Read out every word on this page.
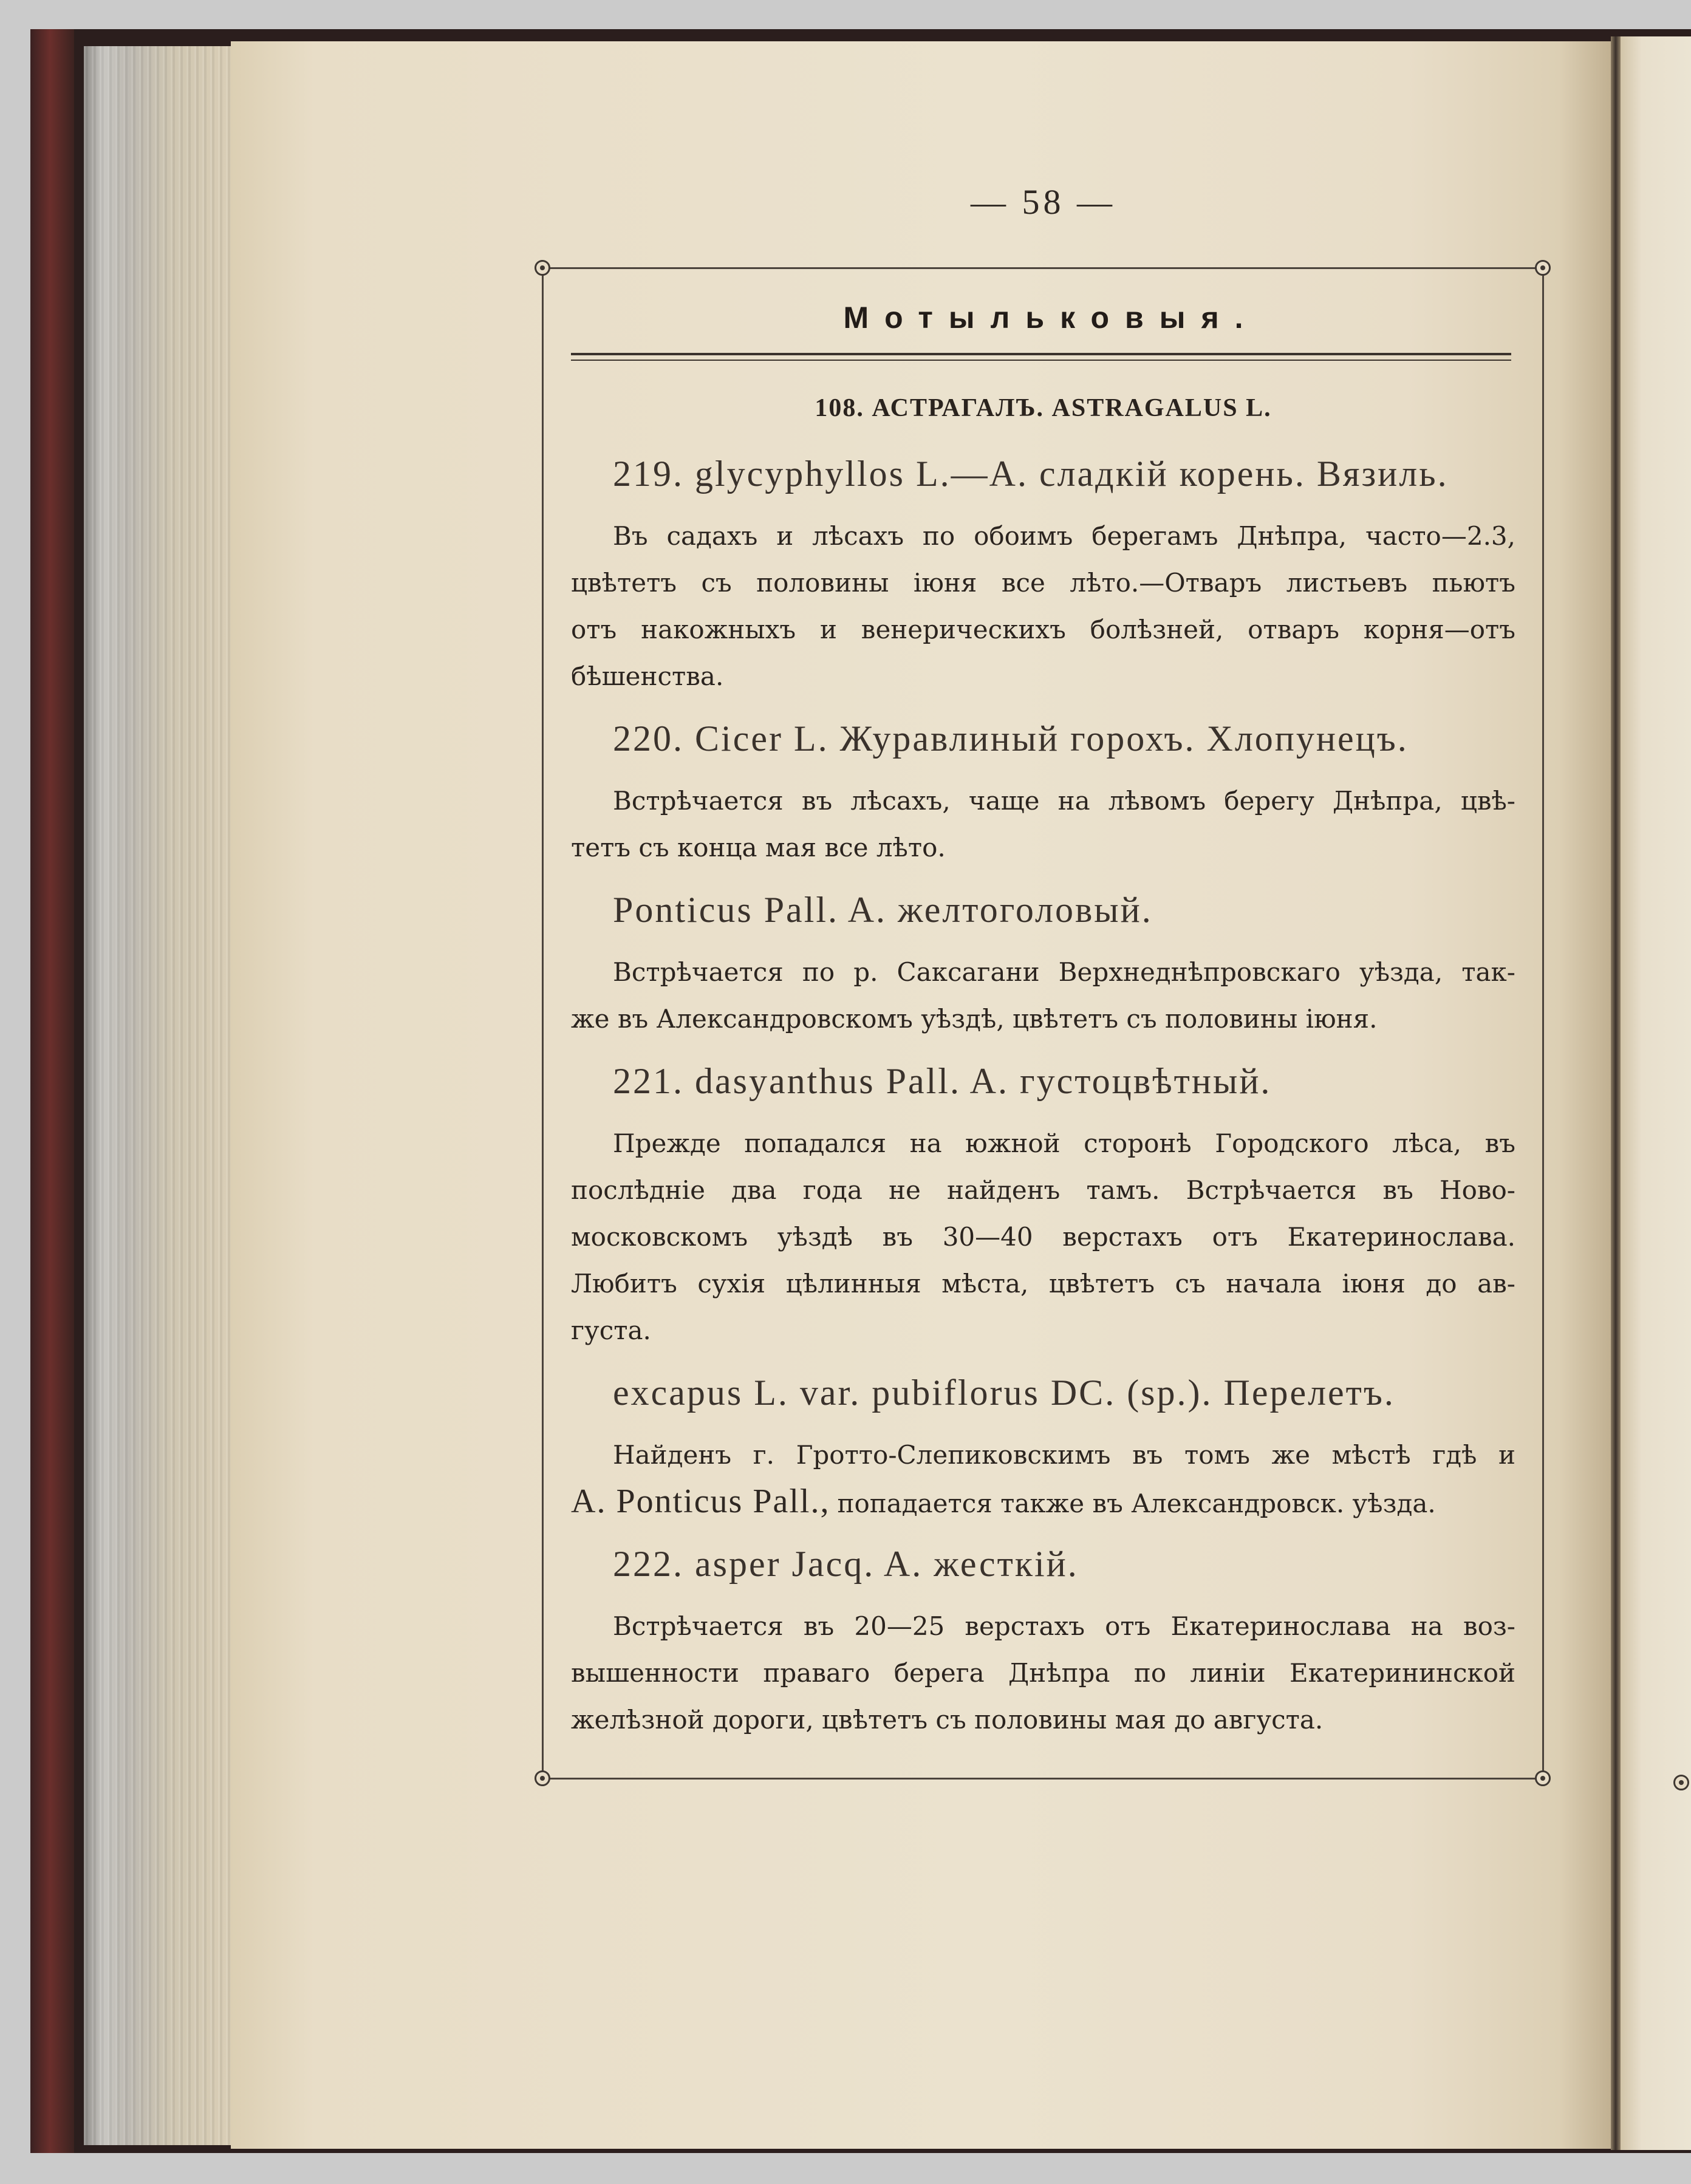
— 58 —
Мотыльковыя.
108. АСТРАГАЛЪ. ASTRAGALUS L.
219. glycyphyllos L.—A. сладкій корень. Вязиль.
Въ садахъ и лѣсахъ по обоимъ берегамъ Днѣпра, часто—2.3,
цвѣтетъ съ половины іюня все лѣто.—Отваръ листьевъ пьютъ
отъ накожныхъ и венерическихъ болѣзней, отваръ корня—отъ
бѣшенства.
220. Cicer L. Журавлиный горохъ. Хлопунецъ.
Встрѣчается въ лѣсахъ, чаще на лѣвомъ берегу Днѣпра, цвѣ-
тетъ съ конца мая все лѣто.
Ponticus Pall. A. желтоголовый.
Встрѣчается по р. Саксагани Верхнеднѣпровскаго уѣзда, так-
же въ Александровскомъ уѣздѣ, цвѣтетъ съ половины іюня.
221. dasyanthus Pall. A. густоцвѣтный.
Прежде попадался на южной сторонѣ Городского лѣса, въ
послѣдніе два года не найденъ тамъ. Встрѣчается въ Ново-
московскомъ уѣздѣ въ 30—40 верстахъ отъ Екатеринослава.
Любитъ сухія цѣлинныя мѣста, цвѣтетъ съ начала іюня до ав-
густа.
excapus L. var. pubiflorus DC. (sp.). Перелетъ.
Найденъ г. Гротто-Слепиковскимъ въ томъ же мѣстѣ гдѣ и
A. Ponticus Pall., попадается также въ Александровск. уѣзда.
222. asper Jacq. A. жесткій.
Встрѣчается въ 20—25 верстахъ отъ Екатеринослава на воз-
вышенности праваго берега Днѣпра по линіи Екатерининской
желѣзной дороги, цвѣтетъ съ половины мая до августа.
